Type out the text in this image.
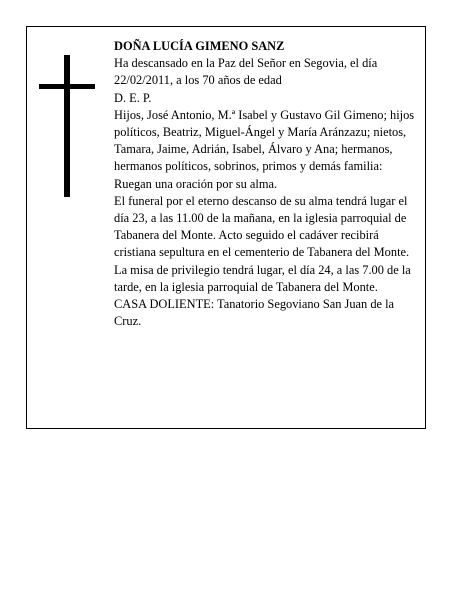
DOÑA LUCÍA GIMENO SANZ

Ha descansado en la Paz del Señor en Segovia, el día 22/02/2011, a los 70 años de edad

D. E. P.

Hijos, José Antonio, M.ª Isabel y Gustavo Gil Gimeno; hijos políticos, Beatriz, Miguel-Ángel y María Aránzazu; nietos, Tamara, Jaime, Adrián, Isabel, Álvaro y Ana; hermanos, hermanos políticos, sobrinos, primos y demás familia:

Ruegan una oración por su alma.

El funeral por el eterno descanso de su alma tendrá lugar el día 23, a las 11.00 de la mañana, en la iglesia parroquial de Tabanera del Monte. Acto seguido el cadáver recibirá cristiana sepultura en el cementerio de Tabanera del Monte.

La misa de privilegio tendrá lugar, el día 24, a las 7.00 de la tarde, en la iglesia parroquial de Tabanera del Monte.

CASA DOLIENTE: Tanatorio Segoviano San Juan de la Cruz.
